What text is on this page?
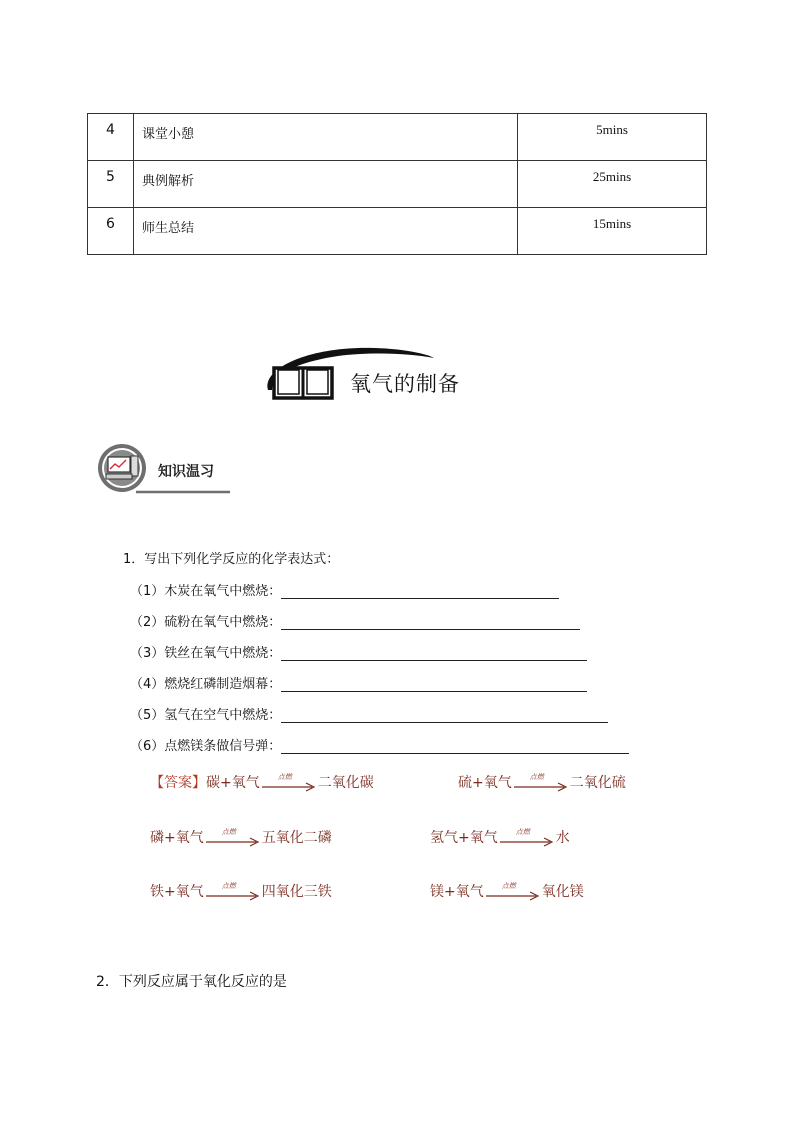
4	课堂小憩	5mins
5	典例解析	25mins
6	师生总结	15mins
氧气的制备
知识温习
1．写出下列化学反应的化学表达式：
（1）木炭在氧气中燃烧：
（2）硫粉在氧气中燃烧：
（3）铁丝在氧气中燃烧：
（4）燃烧红磷制造烟幕：
（5）氢气在空气中燃烧：
（6）点燃镁条做信号弹：
【答案】 碳+氧气	点燃 二氧化碳	硫+氧气	点燃 二氧化硫
磷+氧气	点燃 五氧化二磷	氢气+氧气	点燃 水
铁+氧气	点燃 四氧化三铁	镁+氧气	点燃 氧化镁
2．下列反应属于氧化反应的是
